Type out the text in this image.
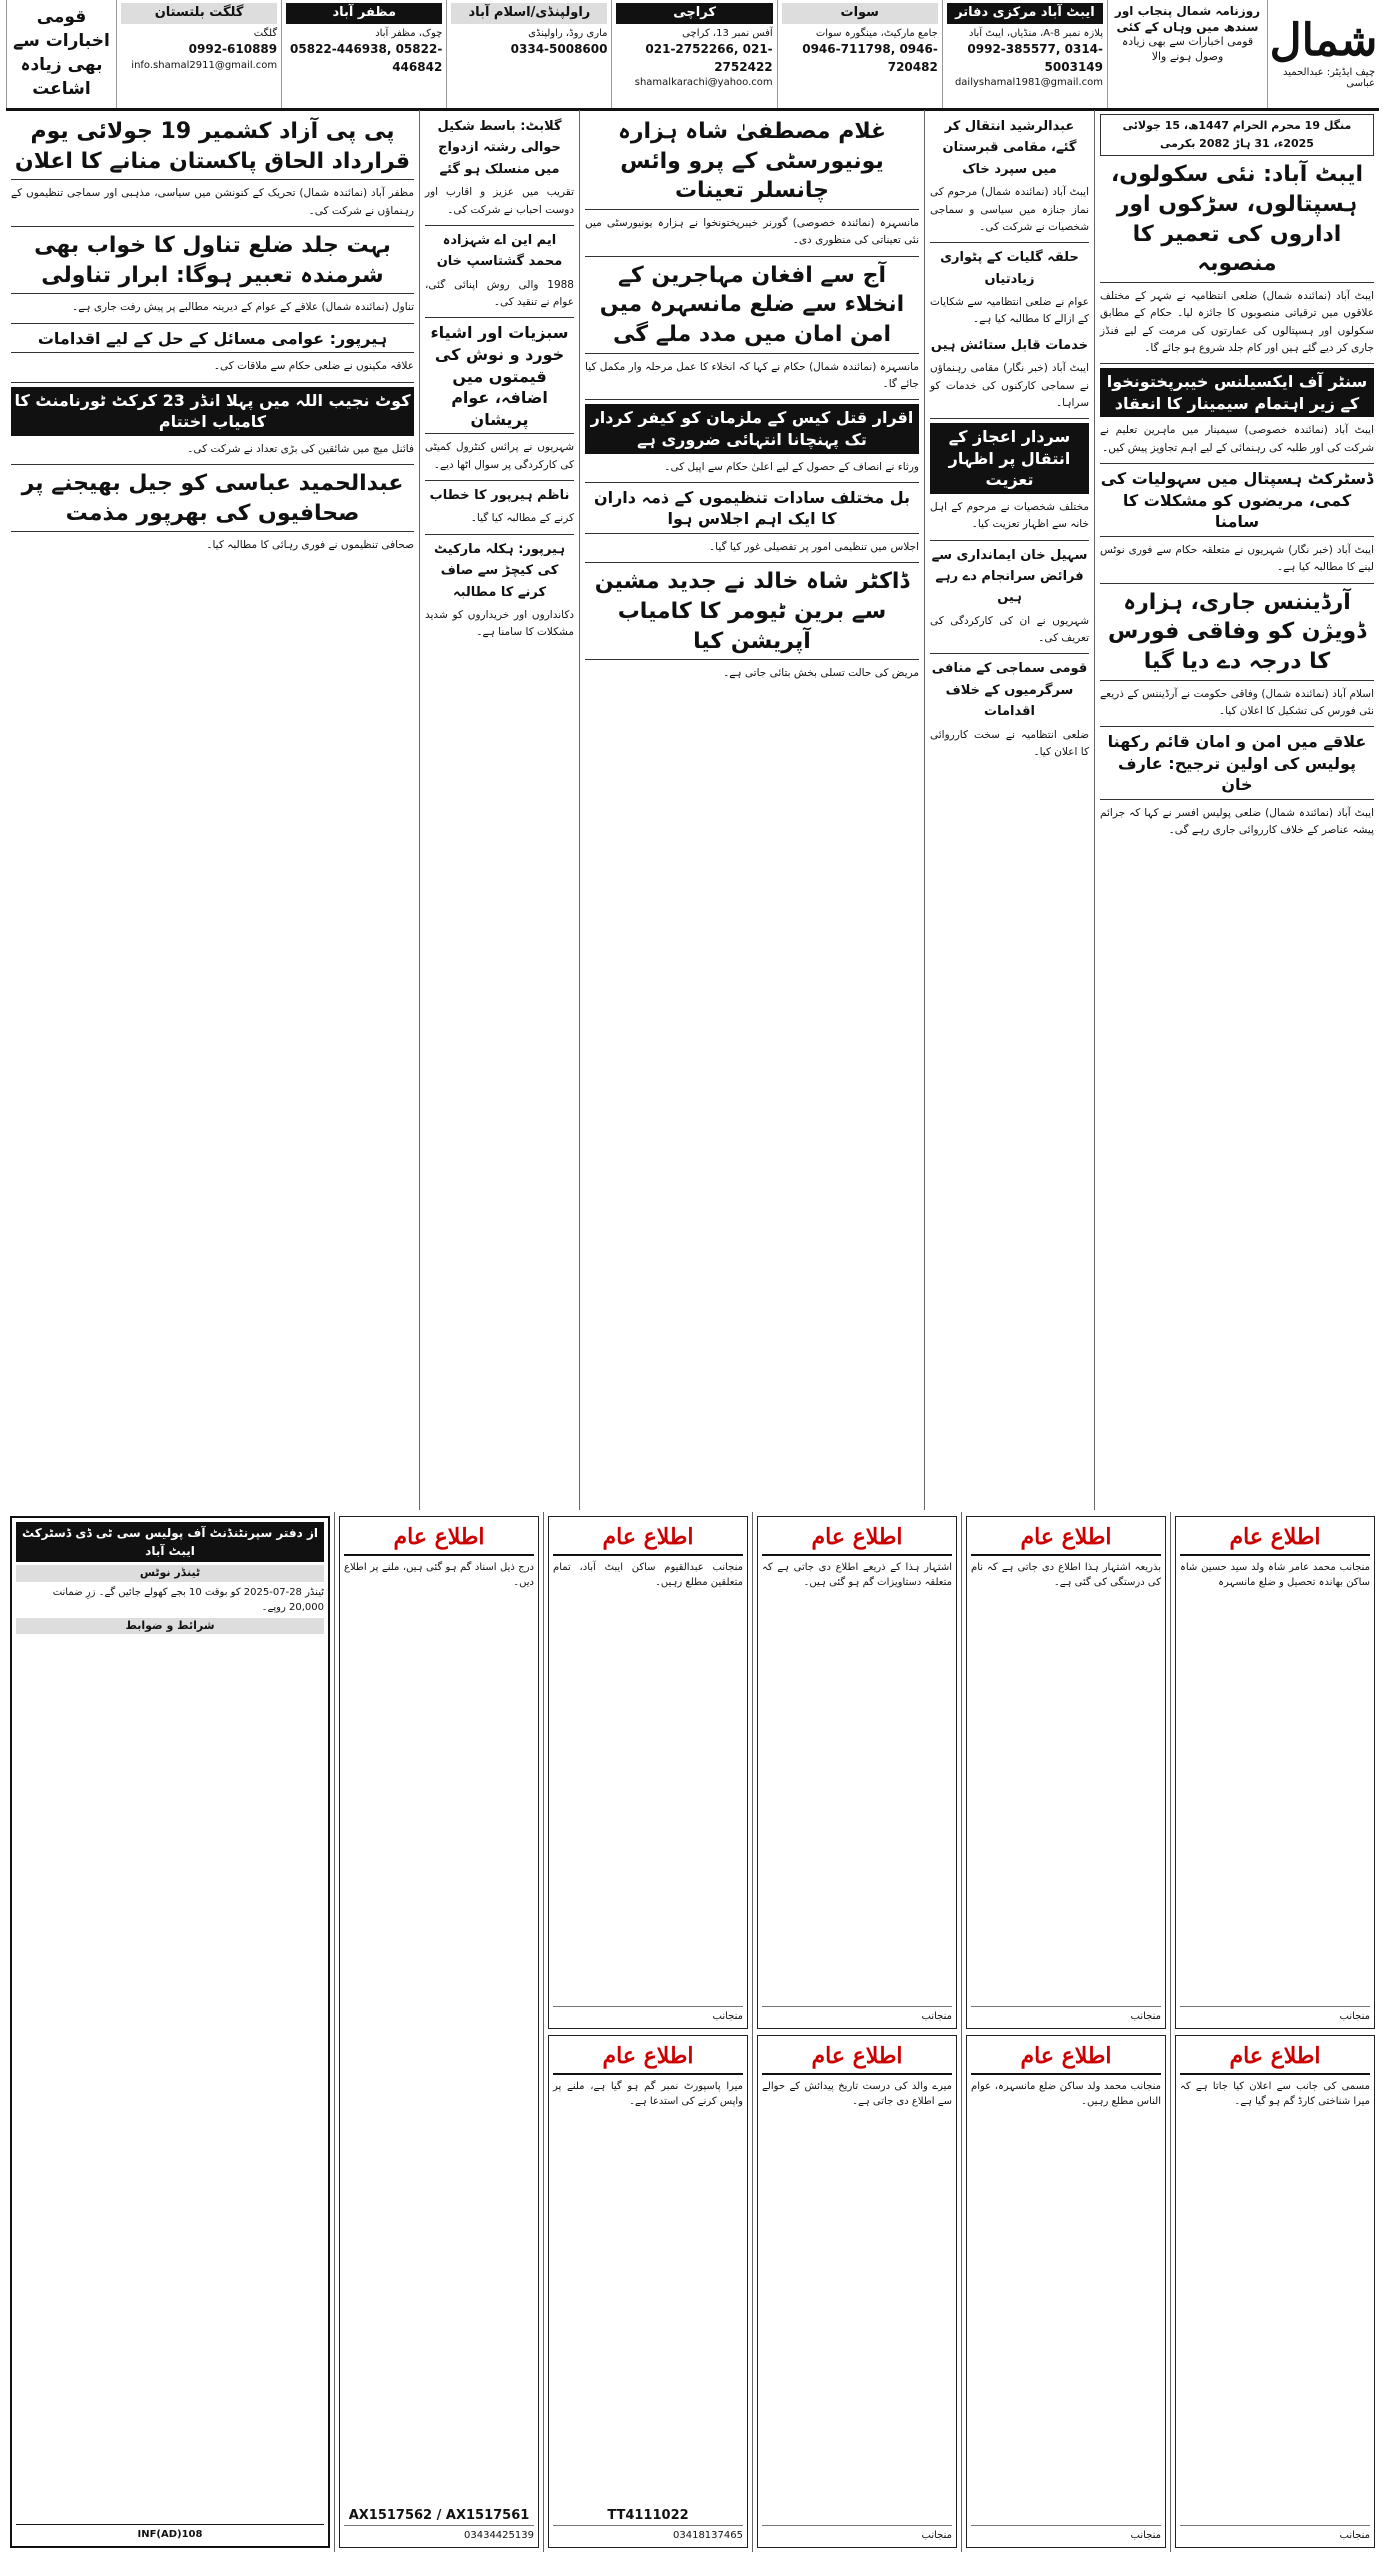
شمال
چیف ایڈیٹر: عبدالحمید عباسی
روزنامہ شمال پنجاب اور سندھ میں وہاں کے کئی
قومی اخبارات سے بھی زیادہ وصول ہونے والا
ایبٹ آباد مرکزی دفاتر
پلازہ نمبر 8-A، منڈیاں، ایبٹ آباد
0992-385577, 0314-5003149
dailyshamal1981@gmail.com
سوات
جامع مارکیٹ، مینگورہ سوات
0946-711798, 0946-720482
کراچی
آفس نمبر 13، کراچی
021-2752266, 021-2752422
shamalkarachi@yahoo.com
راولپنڈی/اسلام آباد
ماری روڈ، راولپنڈی
0334-5008600
مظفر آباد
چوک، مظفر آباد
05822-446938, 05822-446842
گلگت بلتستان
گلگت
0992-610889
info.shamal2911@gmail.com
قومی اخبارات سے بھی زیادہ اشاعت
منگل 19 محرم الحرام 1447ھ، 15 جولائی 2025ء، 31 ہاڑ 2082 بکرمی
ایبٹ آباد: نئی سکولوں، ہسپتالوں، سڑکوں اور اداروں کی تعمیر کا منصوبہ

ایبٹ آباد (نمائندہ شمال) ضلعی انتظامیہ نے شہر کے مختلف علاقوں میں ترقیاتی منصوبوں کا جائزہ لیا۔ حکام کے مطابق سکولوں اور ہسپتالوں کی عمارتوں کی مرمت کے لیے فنڈز جاری کر دیے گئے ہیں اور کام جلد شروع ہو جائے گا۔

سنٹر آف ایکسیلنس خیبرپختونخوا کے زیر اہتمام سیمینار کا انعقاد

ایبٹ آباد (نمائندہ خصوصی) سیمینار میں ماہرین تعلیم نے شرکت کی اور طلبہ کی رہنمائی کے لیے اہم تجاویز پیش کیں۔

ڈسٹرکٹ ہسپتال میں سہولیات کی کمی، مریضوں کو مشکلات کا سامنا

ایبٹ آباد (خبر نگار) شہریوں نے متعلقہ حکام سے فوری نوٹس لینے کا مطالبہ کیا ہے۔

آرڈیننس جاری، ہزارہ ڈویژن کو وفاقی فورس کا درجہ دے دیا گیا

اسلام آباد (نمائندہ شمال) وفاقی حکومت نے آرڈیننس کے ذریعے نئی فورس کی تشکیل کا اعلان کیا۔

علاقے میں امن و امان قائم رکھنا پولیس کی اولین ترجیح: عارف خان

ایبٹ آباد (نمائندہ شمال) ضلعی پولیس افسر نے کہا کہ جرائم پیشہ عناصر کے خلاف کارروائی جاری رہے گی۔

عبدالرشید انتقال کر گئے، مقامی قبرستان میں سپرد خاک

ایبٹ آباد (نمائندہ شمال) مرحوم کی نماز جنازہ میں سیاسی و سماجی شخصیات نے شرکت کی۔

حلقہ گلیات کے پٹواری زیادتیاں

عوام نے ضلعی انتظامیہ سے شکایات کے ازالے کا مطالبہ کیا ہے۔

خدمات قابل ستائش ہیں

ایبٹ آباد (خبر نگار) مقامی رہنماؤں نے سماجی کارکنوں کی خدمات کو سراہا۔

سردار اعجاز کے انتقال پر اظہار تعزیت

مختلف شخصیات نے مرحوم کے اہل خانہ سے اظہار تعزیت کیا۔

سہیل خان ایمانداری سے فرائض سرانجام دے رہے ہیں

شہریوں نے ان کی کارکردگی کی تعریف کی۔

قومی سماجی کے منافی سرگرمیوں کے خلاف اقدامات

ضلعی انتظامیہ نے سخت کارروائی کا اعلان کیا۔

غلام مصطفیٰ شاہ ہزارہ یونیورسٹی کے پرو وائس چانسلر تعینات

مانسہرہ (نمائندہ خصوصی) گورنر خیبرپختونخوا نے ہزارہ یونیورسٹی میں نئی تعیناتی کی منظوری دی۔

آج سے افغان مہاجرین کے انخلاء سے ضلع مانسہرہ میں امن امان میں مدد ملے گی

مانسہرہ (نمائندہ شمال) حکام نے کہا کہ انخلاء کا عمل مرحلہ وار مکمل کیا جائے گا۔

اقرار قتل کیس کے ملزمان کو کیفر کردار تک پہنچانا انتہائی ضروری ہے

ورثاء نے انصاف کے حصول کے لیے اعلیٰ حکام سے اپیل کی۔

بل مختلف سادات تنظیموں کے ذمہ داران کا ایک اہم اجلاس ہوا

اجلاس میں تنظیمی امور پر تفصیلی غور کیا گیا۔

ڈاکٹر شاہ خالد نے جدید مشین سے برین ٹیومر کا کامیاب آپریشن کیا

مریض کی حالت تسلی بخش بتائی جاتی ہے۔

گلابٹ: باسط شکیل حوالی رشتہ ازدواج میں منسلک ہو گئے

تقریب میں عزیز و اقارب اور دوست احباب نے شرکت کی۔

ایم این اے شہزادہ محمد گشتاسپ خان

1988 والی روش اپنائی گئی، عوام نے تنقید کی۔

سبزیات اور اشیاء خورد و نوش کی قیمتوں میں اضافہ، عوام پریشان

شہریوں نے پرائس کنٹرول کمیٹی کی کارکردگی پر سوال اٹھا دیے۔

ناظم ہیرپور کا خطاب

کرنے کے مطالبہ کیا گیا۔

ہیرپور: ہکلہ مارکیٹ کی کیچڑ سے صاف کرنے کا مطالبہ

دکانداروں اور خریداروں کو شدید مشکلات کا سامنا ہے۔

پی پی آزاد کشمیر 19 جولائی یوم قرارداد الحاق پاکستان منانے کا اعلان

مظفر آباد (نمائندہ شمال) تحریک کے کنونشن میں سیاسی، مذہبی اور سماجی تنظیموں کے رہنماؤں نے شرکت کی۔

بہت جلد ضلع تناول کا خواب بھی شرمندہ تعبیر ہوگا: ابرار تناولی

تناول (نمائندہ شمال) علاقے کے عوام کے دیرینہ مطالبے پر پیش رفت جاری ہے۔

ہیرپور: عوامی مسائل کے حل کے لیے اقدامات

علاقہ مکینوں نے ضلعی حکام سے ملاقات کی۔

کوٹ نجیب اللہ میں پہلا انڈر 23 کرکٹ ٹورنامنٹ کا کامیاب اختتام

فائنل میچ میں شائقین کی بڑی تعداد نے شرکت کی۔

عبدالحمید عباسی کو جیل بھیجنے پر صحافیوں کی بھرپور مذمت

صحافی تنظیموں نے فوری رہائی کا مطالبہ کیا۔

اطلاع عام
منجانب محمد عامر شاہ ولد سید حسین شاہ ساکن بھاندہ تحصیل و ضلع مانسہرہ
منجانب
اطلاع عام
مسمی کی جانب سے اعلان کیا جاتا ہے کہ میرا شناختی کارڈ گم ہو گیا ہے۔
منجانب
اطلاع عام
بذریعہ اشتہار ہذا اطلاع دی جاتی ہے کہ نام کی درستگی کی گئی ہے۔
منجانب
اطلاع عام
منجانب محمد ولد ساکن ضلع مانسہرہ، عوام الناس مطلع رہیں۔
منجانب
اطلاع عام
اشتہار ہذا کے ذریعے اطلاع دی جاتی ہے کہ متعلقہ دستاویزات گم ہو گئی ہیں۔
منجانب
اطلاع عام
میرے والد کی درست تاریخ پیدائش کے حوالے سے اطلاع دی جاتی ہے۔
منجانب
اطلاع عام
منجانب عبدالقیوم ساکن ایبٹ آباد، تمام متعلقین مطلع رہیں۔
منجانب
اطلاع عام
میرا پاسپورٹ نمبر گم ہو گیا ہے، ملنے پر واپس کرنے کی استدعا ہے۔
TT4111022
03418137465
اطلاع عام
درج ذیل اسناد گم ہو گئی ہیں، ملنے پر اطلاع دیں۔
AX1517562 / AX1517561
03434425139
از دفتر سپرنٹنڈنٹ آف پولیس سی ٹی ڈی ڈسٹرکٹ ایبٹ آباد
ٹینڈر نوٹس
ٹینڈر 28-07-2025 کو بوقت 10 بجے کھولے جائیں گے۔ زرِ ضمانت 20,000 روپے۔
شرائط و ضوابط
INF(AD)108
